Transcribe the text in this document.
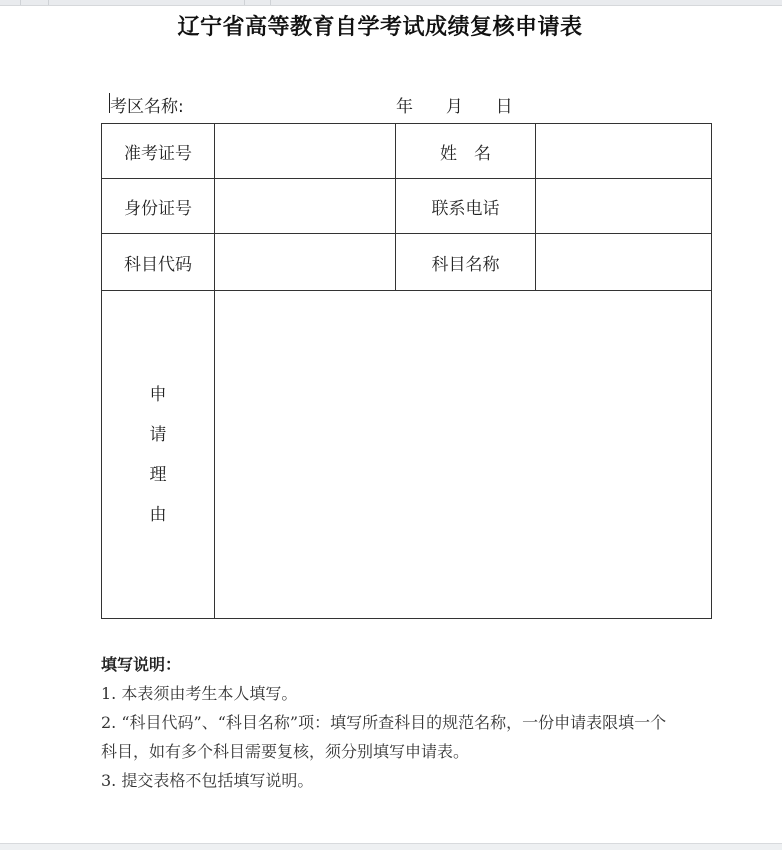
辽宁省高等教育自学考试成绩复核申请表
考区名称:	年 月 日
准考证号		姓　名	
身份证号		联系电话	
科目代码		科目名称	

申
请
理
由			

填写说明：
1. 本表须由考生本人填写。
2. “科目代码”、“科目名称”项：填写所查科目的规范名称，一份申请表限填一个科目，如有多个科目需要复核，须分别填写申请表。
3. 提交表格不包括填写说明。
